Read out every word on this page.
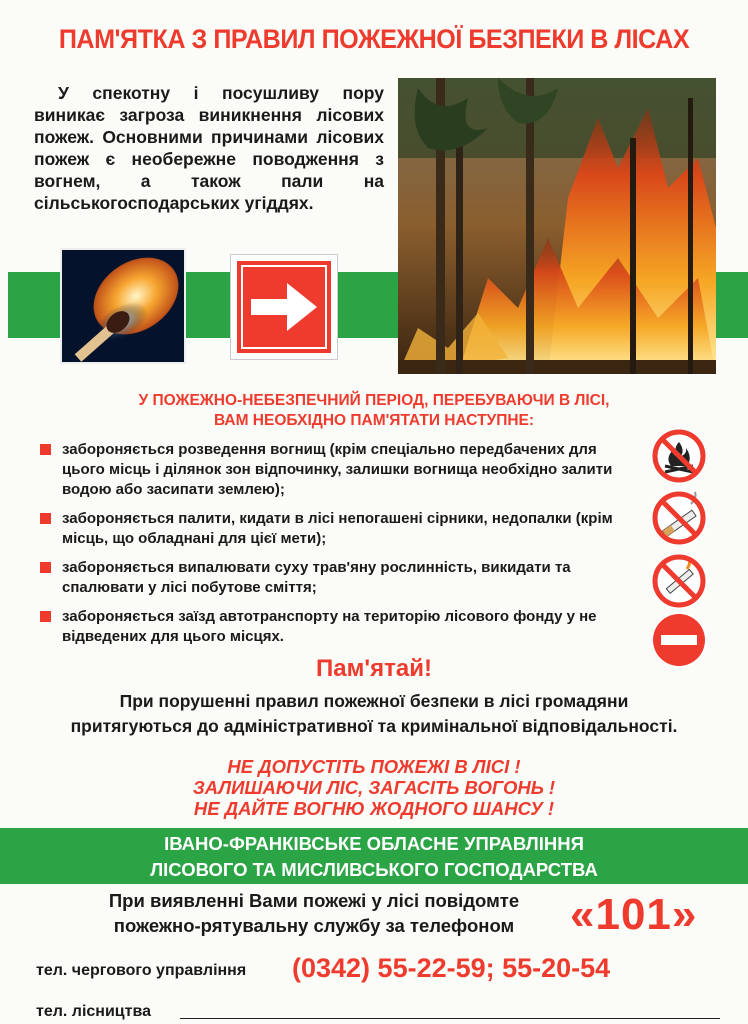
ПАМ'ЯТКА З ПРАВИЛ ПОЖЕЖНОЇ БЕЗПЕКИ В ЛІСАХ
У спекотну і посушливу пору виникає загроза виникнення лісових пожеж. Основними причинами лісових пожеж є необережне поводження з вогнем, а також пали на сільськогосподарських угіддях.
У ПОЖЕЖНО-НЕБЕЗПЕЧНИЙ ПЕРІОД, ПЕРЕБУВАЮЧИ В ЛІСІ,
ВАМ НЕОБХІДНО ПАМ'ЯТАТИ НАСТУПНЕ:
забороняється розведення вогнищ (крім спеціально передбачених для цього місць і ділянок зон відпочинку, залишки вогнища необхідно залити водою або засипати землею);
забороняється палити, кидати в лісі непогашені сірники, недопалки (крім місць, що обладнані для цієї мети);
забороняється випалювати суху трав'яну рослинність, викидати та спалювати у лісі побутове сміття;
забороняється заїзд автотранспорту на територію лісового фонду у не відведених для цього місцях.
Пам'ятай!
При порушенні правил пожежної безпеки в лісі громадяни
притягуються до адміністративної та кримінальної відповідальності.
НЕ ДОПУСТІТЬ ПОЖЕЖІ В ЛІСІ !
ЗАЛИШАЮЧИ ЛІС, ЗАГАСІТЬ ВОГОНЬ !
НЕ ДАЙТЕ ВОГНЮ ЖОДНОГО ШАНСУ !
ІВАНО-ФРАНКІВСЬКЕ ОБЛАСНЕ УПРАВЛІННЯ
ЛІСОВОГО ТА МИСЛИВСЬКОГО ГОСПОДАРСТВА
При виявленні Вами пожежі у лісі повідомте
пожежно-рятувальну службу за телефоном	«101»
тел. чергового управління (0342) 55-22-59; 55-20-54
тел. лісництва
